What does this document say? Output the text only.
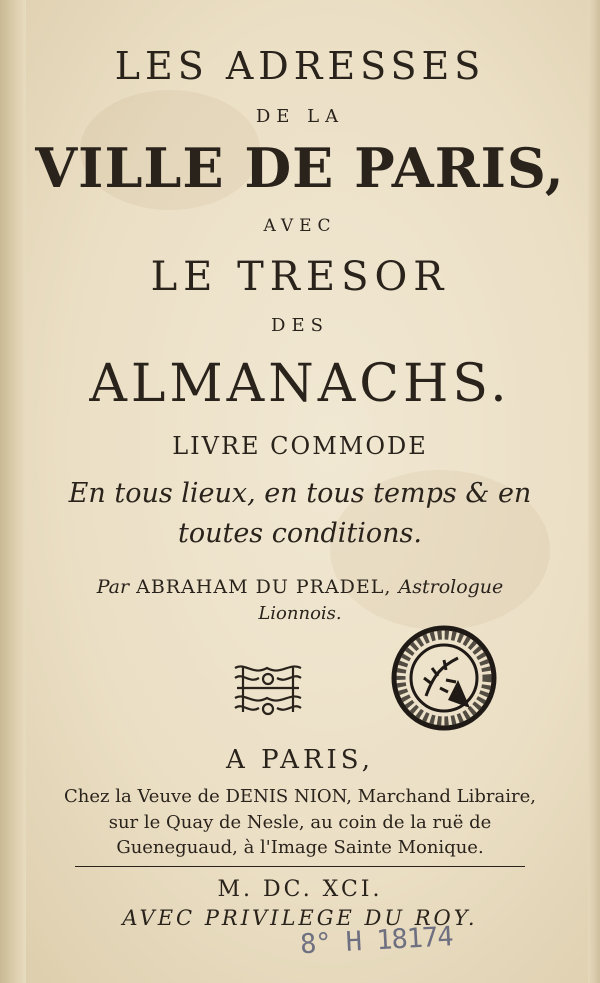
LES ADRESSES
DE LA
VILLE DE PARIS,
AVEC
LE TRESOR
DES
ALMANACHS.
LIVRE COMMODE
En tous lieux, en tous temps & en
toutes conditions.
Par ABRAHAM DU PRADEL, Astrologue
Lionnois.
A PARIS,
Chez la Veuve de DENIS NION, Marchand Libraire,
sur le Quay de Nesle, au coin de la ruë de
Gueneguaud, à l'Image Sainte Monique.
M. DC. XCI.
AVEC PRIVILEGE DU ROY.
8° H 18174
